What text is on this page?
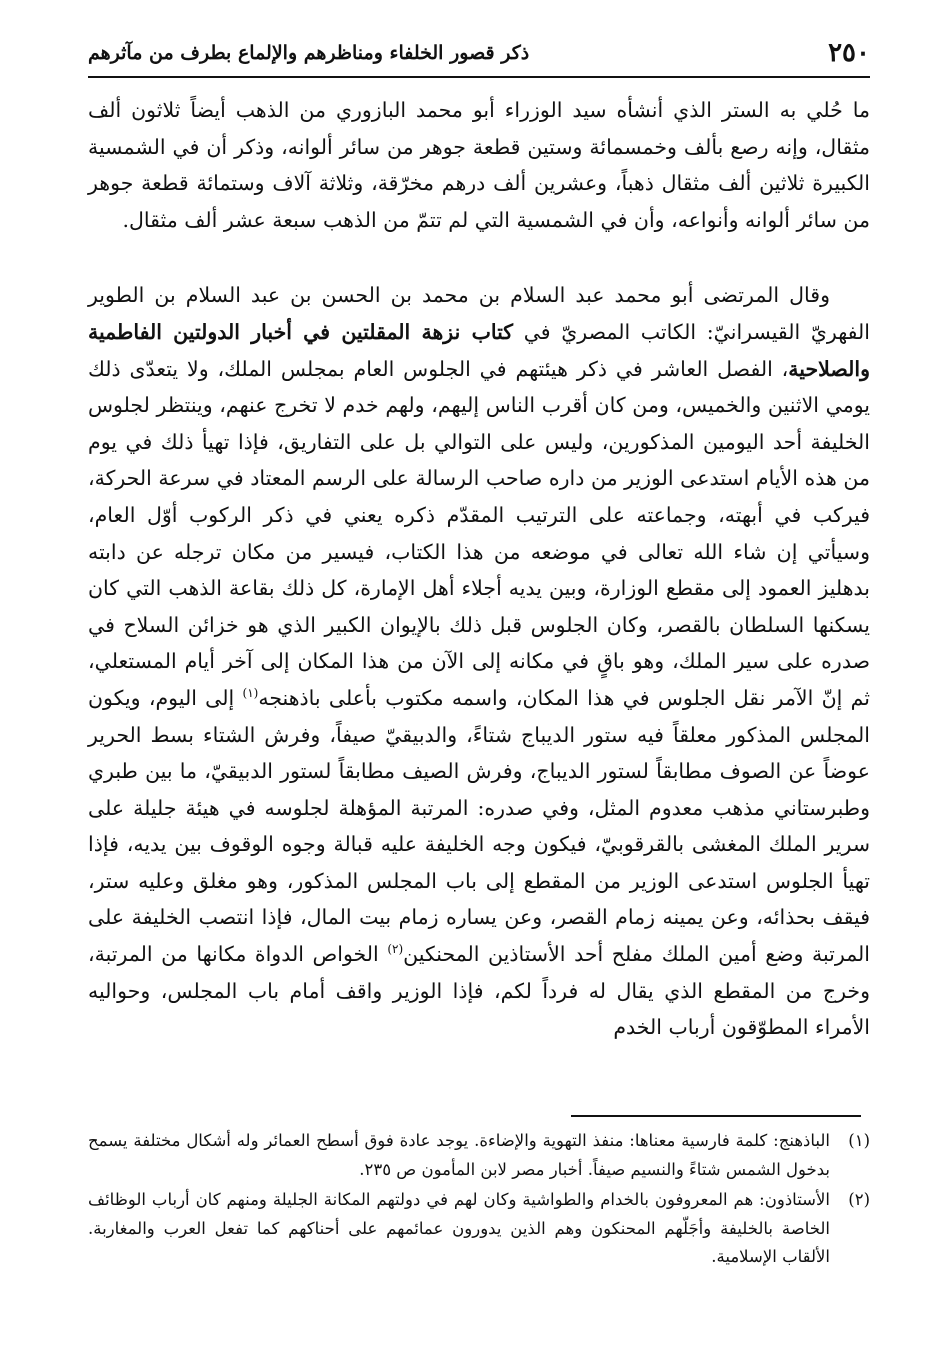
٢٥٠
ذكر قصور الخلفاء ومناظرهم والإلماع بطرف من مآثرهم

ما حُلي به الستر الذي أنشأه سيد الوزراء أبو محمد البازوري من الذهب أيضاً ثلاثون ألف مثقال، وإنه رصع بألف وخمسمائة وستين قطعة جوهر من سائر ألوانه، وذكر أن في الشمسية الكبيرة ثلاثين ألف مثقال ذهباً، وعشرين ألف درهم مخرّقة، وثلاثة آلاف وستمائة قطعة جوهر من سائر ألوانه وأنواعه، وأن في الشمسية التي لم تتمّ من الذهب سبعة عشر ألف مثقال.

وقال المرتضى أبو محمد عبد السلام بن محمد بن الحسن بن عبد السلام بن الطوير الفهريّ القيسرانيّ: الكاتب المصريّ في كتاب نزهة المقلتين في أخبار الدولتين الفاطمية والصلاحية، الفصل العاشر في ذكر هيئتهم في الجلوس العام بمجلس الملك، ولا يتعدّى ذلك يومي الاثنين والخميس، ومن كان أقرب الناس إليهم، ولهم خدم لا تخرج عنهم، وينتظر لجلوس الخليفة أحد اليومين المذكورين، وليس على التوالي بل على التفاريق، فإذا تهيأ ذلك في يوم من هذه الأيام استدعى الوزير من داره صاحب الرسالة على الرسم المعتاد في سرعة الحركة، فيركب في أبهته، وجماعته على الترتيب المقدّم ذكره يعني في ذكر الركوب أوّل العام، وسيأتي إن شاء الله تعالى في موضعه من هذا الكتاب، فيسير من مكان ترجله عن دابته بدهليز العمود إلى مقطع الوزارة، وبين يديه أجلاء أهل الإمارة، كل ذلك بقاعة الذهب التي كان يسكنها السلطان بالقصر، وكان الجلوس قبل ذلك بالإيوان الكبير الذي هو خزائن السلاح في صدره على سير الملك، وهو باقٍ في مكانه إلى الآن من هذا المكان إلى آخر أيام المستعلي، ثم إنّ الآمر نقل الجلوس في هذا المكان، واسمه مكتوب بأعلى باذهنجه$^{(١)}$ إلى اليوم، ويكون المجلس المذكور معلقاً فيه ستور الديباج شتاءً، والدبيقيّ صيفاً، وفرش الشتاء بسط الحرير عوضاً عن الصوف مطابقاً لستور الديباج، وفرش الصيف مطابقاً لستور الدبيقيّ، ما بين طبري وطبرستاني مذهب معدوم المثل، وفي صدره: المرتبة المؤهلة لجلوسه في هيئة جليلة على سرير الملك المغشى بالقرقوبيّ، فيكون وجه الخليفة عليه قبالة وجوه الوقوف بين يديه، فإذا تهيأ الجلوس استدعى الوزير من المقطع إلى باب المجلس المذكور، وهو مغلق وعليه ستر، فيقف بحذائه، وعن يمينه زمام القصر، وعن يساره زمام بيت المال، فإذا انتصب الخليفة على المرتبة وضع أمين الملك مفلح أحد الأستاذين المحنكين$^{(٢)}$ الخواص الدواة مكانها من المرتبة، وخرج من المقطع الذي يقال له فرداً لكم، فإذا الوزير واقف أمام باب المجلس، وحواليه الأمراء المطوّقون أرباب الخدم

(١)
الباذهنج: كلمة فارسية معناها: منفذ التهوية والإضاءة. يوجد عادة فوق أسطح العمائر وله أشكال مختلفة يسمح بدخول الشمس شتاءً والنسيم صيفاً. أخبار مصر لابن المأمون ص ٢٣٥.
(٢)
الأستاذون: هم المعروفون بالخدام والطواشية وكان لهم في دولتهم المكانة الجليلة ومنهم كان أرباب الوظائف الخاصة بالخليفة وأجَلّهم المحنكون وهم الذين يدورون عمائمهم على أحناكهم كما تفعل العرب والمغاربة. الألقاب الإسلامية.
